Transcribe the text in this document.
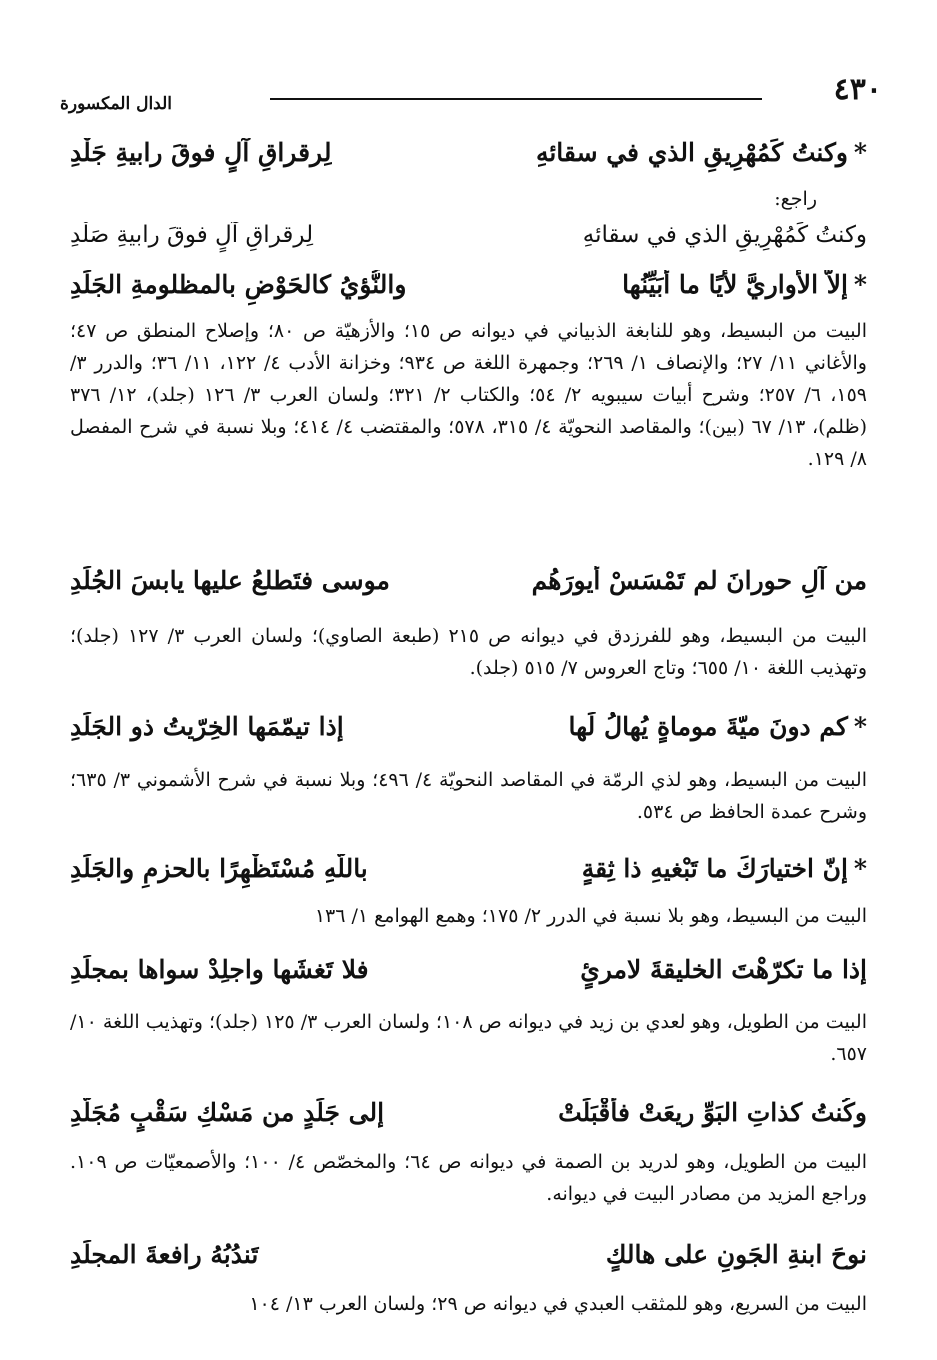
٤٣٠
الدال المكسورة
*وكنتُ كَمُهْرِيقِ الذي في سقائهِ
لِرقراقِ آلٍ فوقَ رابيةِ جَلْدِ
راجع:
وكنتُ كَمُهْرِيقِ الذي في سقائهِ
لِرقراقِ آلٍ فوقَ رابيةِ صَلْدِ
*إلاّ الأواريَّ لأيًا ما أُبَيِّنُها
والنُّؤيُ كالحَوْضِ بالمظلومةِ الجَلَدِ
البيت من البسيط، وهو للنابغة الذبياني في ديوانه ص ١٥؛ والأزهيّة ص ٨٠؛ وإصلاح المنطق ص ٤٧؛ والأغاني ١١/ ٢٧؛ والإنصاف ١/ ٢٦٩؛ وجمهرة اللغة ص ٩٣٤؛ وخزانة الأدب ٤/ ١٢٢، ١١/ ٣٦؛ والدرر ٣/ ١٥٩، ٦/ ٢٥٧؛ وشرح أبيات سيبويه ٢/ ٥٤؛ والكتاب ٢/ ٣٢١؛ ولسان العرب ٣/ ١٢٦ (جلد)، ١٢/ ٣٧٦ (ظلم)، ١٣/ ٦٧ (بين)؛ والمقاصد النحويّة ٤/ ٣١٥، ٥٧٨؛ والمقتضب ٤/ ٤١٤؛ وبلا نسبة في شرح المفصل ٨/ ١٢٩.
من آلِ حورانَ لم تَمْسَسْ أيورَهُم
موسى فتَطلعُ عليها يابسَ الجُلَدِ
البيت من البسيط، وهو للفرزدق في ديوانه ص ٢١٥ (طبعة الصاوي)؛ ولسان العرب ٣/ ١٢٧ (جلد)؛ وتهذيب اللغة ١٠/ ٦٥٥؛ وتاج العروس ٧/ ٥١٥ (جلد).
*كم دونَ ميّةَ موماةٍ يُهالُ لَها
إذا تيمّمَها الخِرّيتُ ذو الجَلَدِ
البيت من البسيط، وهو لذي الرمّة في المقاصد النحويّة ٤/ ٤٩٦؛ وبلا نسبة في شرح الأشموني ٣/ ٦٣٥؛ وشرح عمدة الحافظ ص ٥٣٤.
*إنّ اختيارَكَ ما تَبْغيهِ ذا ثِقةٍ
باللّهِ مُسْتَظْهِرًا بالحزمِ والجَلَدِ
البيت من البسيط، وهو بلا نسبة في الدرر ٢/ ١٧٥؛ وهمع الهوامع ١/ ١٣٦
إذا ما تكرّهْتَ الخليقةَ لامرئٍ
فلا تَغشَها واجلِدْ سواها بمجلَدِ
البيت من الطويل، وهو لعدي بن زيد في ديوانه ص ١٠٨؛ ولسان العرب ٣/ ١٢٥ (جلد)؛ وتهذيب اللغة ١٠/ ٦٥٧.
وكُنتُ كذاتِ البَوِّ ريعَتْ فأقْبَلَتْ
إلى جَلَدٍ من مَسْكِ سَقْبٍ مُجَلَّدِ
البيت من الطويل، وهو لدريد بن الصمة في ديوانه ص ٦٤؛ والمخصّص ٤/ ١٠٠؛ والأصمعيّات ص ١٠٩. وراجع المزيد من مصادر البيت في ديوانه.
نوحَ ابنةِ الجَونِ على هالكٍ
تَندُبُهُ رافعةَ المجلَدِ
البيت من السريع، وهو للمثقب العبدي في ديوانه ص ٢٩؛ ولسان العرب ١٣/ ١٠٤
